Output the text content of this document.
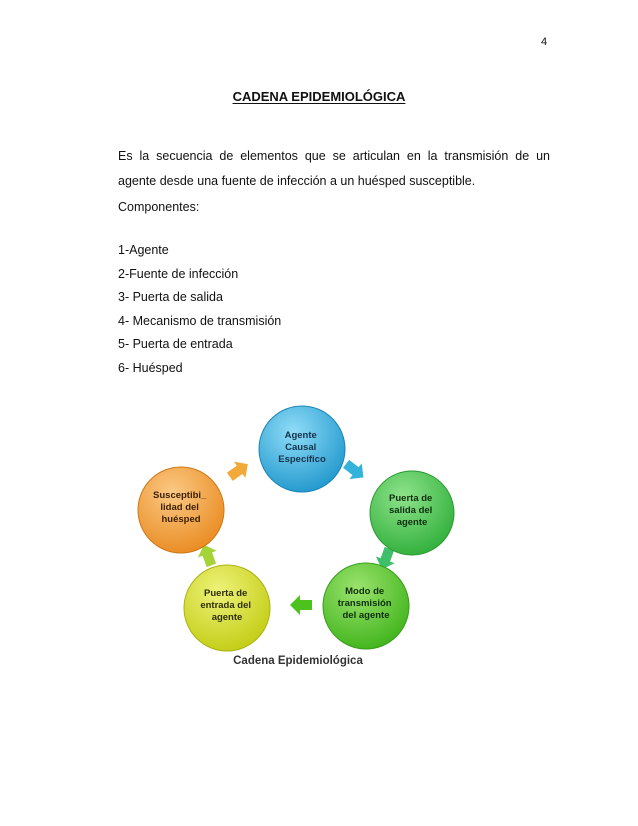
4
CADENA EPIDEMIOLÓGICA

Es la secuencia de elementos que se articulan en la transmisión de un agente desde una fuente de infección a un huésped susceptible.

Componentes:

1-Agente
2-Fuente de infección
3- Puerta de salida
4- Mecanismo de transmisión
5- Puerta de entrada
6- Huésped
Agente Causal Específico
Puerta de salida del agente
Modo de transmisión del agente
Puerta de entrada del agente
Susceptibi_ lidad del huésped
Cadena Epidemiológica
